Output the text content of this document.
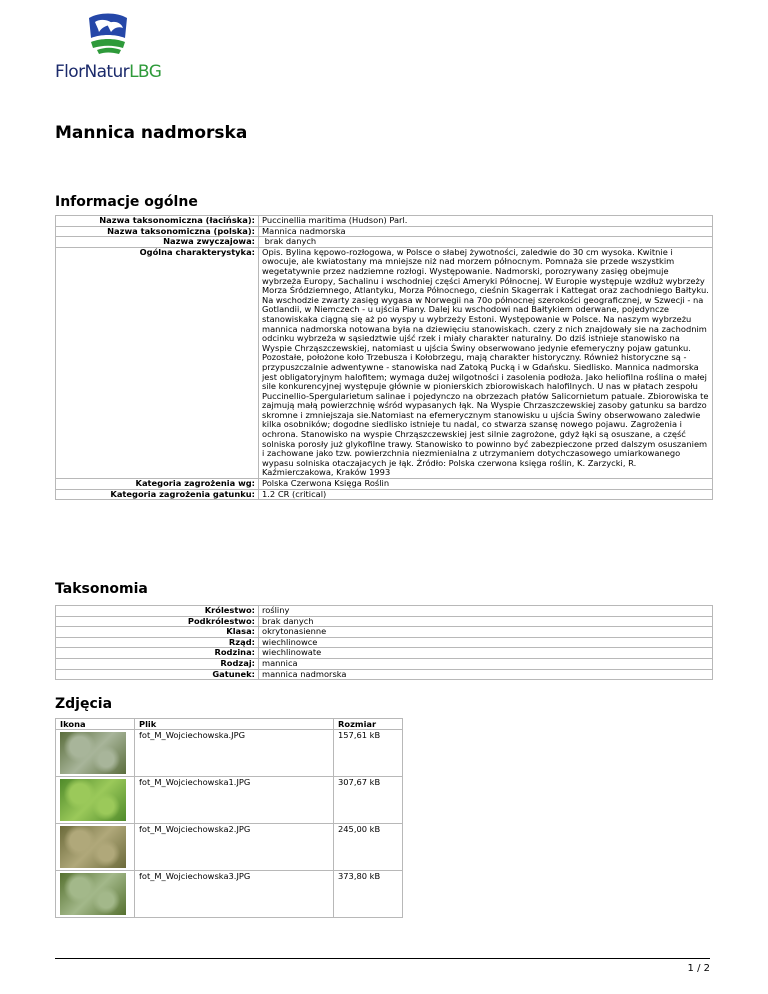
FlorNaturLBG
Mannica nadmorska
Informacje ogólne
Nazwa taksonomiczna (łacińska):	Puccinellia maritima (Hudson) Parl.
Nazwa taksonomiczna (polska):	Mannica nadmorska
Nazwa zwyczajowa:	brak danych
Ogólna charakterystyka:	Opis. Bylina kępowo-rozłogowa, w Polsce o słabej żywotności, zaledwie do 30 cm wysoka. Kwitnie i owocuje, ale kwiatostany ma mniejsze niż nad morzem północnym. Pomnaża sie przede wszystkim wegetatywnie przez nadziemne rozłogi. Występowanie. Nadmorski, porozrywany zasięg obejmuje wybrzeża Europy, Sachalinu i wschodniej części Ameryki Północnej. W Europie występuje wzdłuż wybrzeży Morza Śródziemnego, Atlantyku, Morza Północnego, cieśnin Skagerrak i Kattegat oraz zachodniego Bałtyku. Na wschodzie zwarty zasięg wygasa w Norwegii na 70o północnej szerokości geograficznej, w Szwecji - na Gotlandii, w Niemczech - u ujścia Piany. Dalej ku wschodowi nad Bałtykiem oderwane, pojedyncze stanowiskaka ciągną się aż po wyspy u wybrzeży Estoni. Występowanie w Polsce. Na naszym wybrzeżu mannica nadmorska notowana była na dziewięciu stanowiskach. czery z nich znajdowały sie na zachodnim odcinku wybrzeża w sąsiedztwie ujść rzek i miały charakter naturalny. Do dziś istnieje stanowisko na Wyspie Chrząszczewskiej, natomiast u ujścia Świny obserwowano jedynie efemeryczny pojaw gatunku. Pozostałe, położone koło Trzebusza i Kołobrzegu, mają charakter historyczny. Również historyczne są - przypuszczalnie adwentywne - stanowiska nad Zatoką Pucką i w Gdańsku. Siedlisko. Mannica nadmorska jest obligatoryjnym halofitem; wymaga dużej wilgotności i zasolenia podłoża. Jako heliofilna roślina o małej sile konkurencyjnej występuje głównie w pionierskich zbiorowiskach halofilnych. U nas w płatach zespołu Puccinellio-Spergularietum salinae i pojedynczo na obrzezach płatów Salicornietum patuale. Zbiorowiska te zajmują małą powierzchnię wśród wypasanych łąk. Na Wyspie Chrzaszczewskiej zasoby gatunku sa bardzo skromne i zmniejszaja sie.Natomiast na efemerycznym stanowisku u ujścia Świny obserwowano zaledwie kilka osobników; dogodne siedlisko istnieje tu nadal, co stwarza szansę nowego pojawu. Zagrożenia i ochrona. Stanowisko na wyspie Chrząszczewskiej jest silnie zagrożone, gdyż łąki są osuszane, a część solniska porosły już glykofilne trawy. Stanowisko to powinno być zabezpieczone przed dalszym osuszaniem i zachowane jako tzw. powierzchnia niezmienialna z utrzymaniem dotychczasowego umiarkowanego wypasu solniska otaczajacych je łąk. Źródło: Polska czerwona księga roślin, K. Zarzycki, R. Kaźmierczakowa, Kraków 1993
Kategoria zagrożenia wg:	Polska Czerwona Księga Roślin
Kategoria zagrożenia gatunku:	1.2 CR (critical)
Taksonomia
Królestwo:	rośliny
Podkrólestwo:	brak danych
Klasa:	okrytonasienne
Rząd:	wiechlinowce
Rodzina:	wiechlinowate
Rodzaj:	mannica
Gatunek:	mannica nadmorska
Zdjęcia
Ikona	Plik	Rozmiar

	fot_M_Wojciechowska.JPG	157,61 kB

	fot_M_Wojciechowska1.JPG	307,67 kB

	fot_M_Wojciechowska2.JPG	245,00 kB

	fot_M_Wojciechowska3.JPG	373,80 kB
1 / 2
